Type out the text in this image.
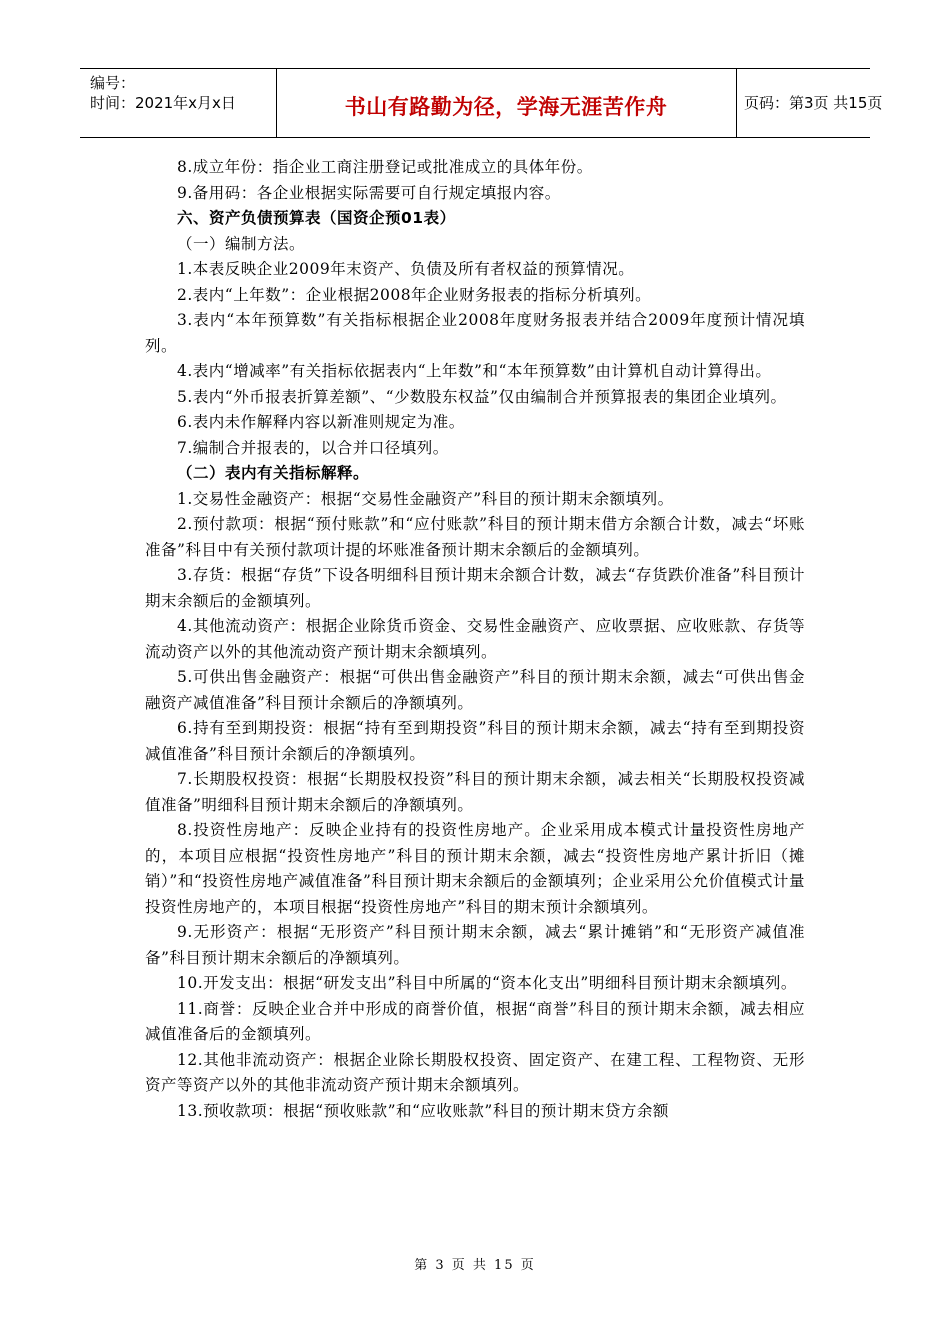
编号：
时间：2021年x月x日	书山有路勤为径，学海无涯苦作舟	页码：第3页 共15页

8.成立年份：指企业工商注册登记或批准成立的具体年份。

9.备用码：各企业根据实际需要可自行规定填报内容。

六、资产负债预算表（国资企预01表）

（一）编制方法。

1.本表反映企业2009年末资产、负债及所有者权益的预算情况。

2.表内“上年数”：企业根据2008年企业财务报表的指标分析填列。

3.表内“本年预算数”有关指标根据企业2008年度财务报表并结合2009年度预计情况填列。

4.表内“增减率”有关指标依据表内“上年数”和“本年预算数”由计算机自动计算得出。

5.表内“外币报表折算差额”、“少数股东权益”仅由编制合并预算报表的集团企业填列。

6.表内未作解释内容以新准则规定为准。

7.编制合并报表的，以合并口径填列。

（二）表内有关指标解释。

1.交易性金融资产：根据“交易性金融资产”科目的预计期末余额填列。

2.预付款项：根据“预付账款”和“应付账款”科目的预计期末借方余额合计数，减去“坏账准备”科目中有关预付款项计提的坏账准备预计期末余额后的金额填列。

3.存货：根据“存货”下设各明细科目预计期末余额合计数，减去“存货跌价准备”科目预计期末余额后的金额填列。

4.其他流动资产：根据企业除货币资金、交易性金融资产、应收票据、应收账款、存货等流动资产以外的其他流动资产预计期末余额填列。

5.可供出售金融资产：根据“可供出售金融资产”科目的预计期末余额，减去“可供出售金融资产减值准备”科目预计余额后的净额填列。

6.持有至到期投资：根据“持有至到期投资”科目的预计期末余额，减去“持有至到期投资减值准备”科目预计余额后的净额填列。

7.长期股权投资：根据“长期股权投资”科目的预计期末余额，减去相关“长期股权投资减值准备”明细科目预计期末余额后的净额填列。

8.投资性房地产：反映企业持有的投资性房地产。企业采用成本模式计量投资性房地产的，本项目应根据“投资性房地产”科目的预计期末余额，减去“投资性房地产累计折旧（摊销）”和“投资性房地产减值准备”科目预计期末余额后的金额填列；企业采用公允价值模式计量投资性房地产的，本项目根据“投资性房地产”科目的期末预计余额填列。

9.无形资产：根据“无形资产”科目预计期末余额，减去“累计摊销”和“无形资产减值准备”科目预计期末余额后的净额填列。

10.开发支出：根据“研发支出”科目中所属的“资本化支出”明细科目预计期末余额填列。

11.商誉：反映企业合并中形成的商誉价值，根据“商誉”科目的预计期末余额，减去相应减值准备后的金额填列。

12.其他非流动资产：根据企业除长期股权投资、固定资产、在建工程、工程物资、无形资产等资产以外的其他非流动资产预计期末余额填列。

13.预收款项：根据“预收账款”和“应收账款”科目的预计期末贷方余额

第 3 页 共 15 页
